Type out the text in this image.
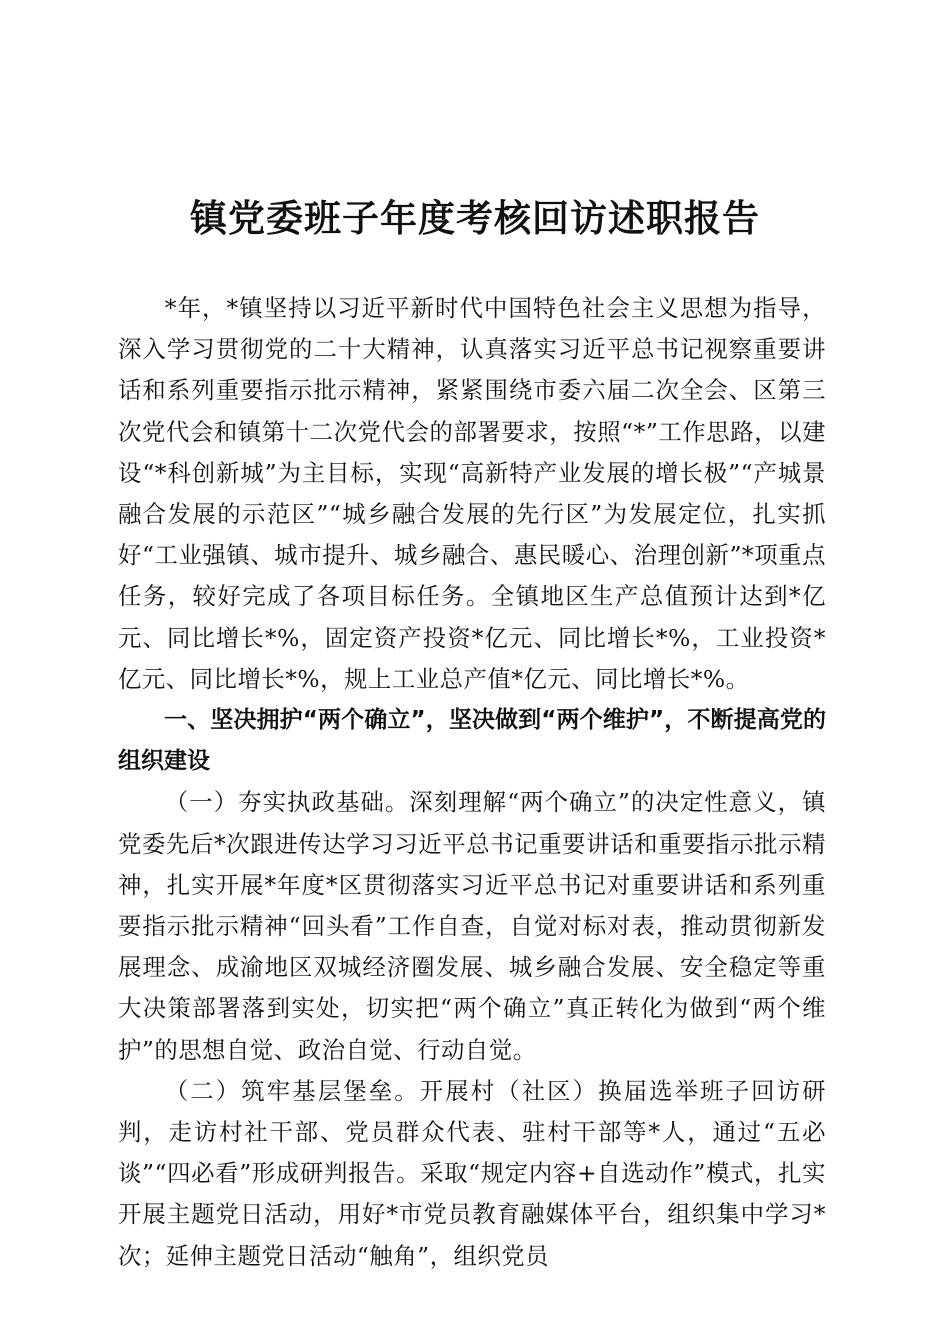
镇党委班子年度考核回访述职报告

*年，*镇坚持以习近平新时代中国特色社会主义思想为指导，深入学习贯彻党的二十大精神，认真落实习近平总书记视察重要讲话和系列重要指示批示精神，紧紧围绕市委六届二次全会、区第三次党代会和镇第十二次党代会的部署要求，按照“*”工作思路，以建设“*科创新城”为主目标，实现“高新特产业发展的增长极”“产城景融合发展的示范区”“城乡融合发展的先行区”为发展定位，扎实抓好“工业强镇、城市提升、城乡融合、惠民暖心、治理创新”*项重点任务，较好完成了各项目标任务。全镇地区生产总值预计达到*亿元、同比增长*%，固定资产投资*亿元、同比增长*%，工业投资*亿元、同比增长*%，规上工业总产值*亿元、同比增长*%。

一、坚决拥护“两个确立”，坚决做到“两个维护”，不断提高党的组织建设

（一）夯实执政基础。深刻理解“两个确立”的决定性意义，镇党委先后*次跟进传达学习习近平总书记重要讲话和重要指示批示精神，扎实开展*年度*区贯彻落实习近平总书记对重要讲话和系列重要指示批示精神“回头看”工作自查，自觉对标对表，推动贯彻新发展理念、成渝地区双城经济圈发展、城乡融合发展、安全稳定等重大决策部署落到实处，切实把“两个确立”真正转化为做到“两个维护”的思想自觉、政治自觉、行动自觉。

（二）筑牢基层堡垒。开展村（社区）换届选举班子回访研判，走访村社干部、党员群众代表、驻村干部等*人，通过“五必谈”“四必看”形成研判报告。采取“规定内容+自选动作”模式，扎实开展主题党日活动，用好*市党员教育融媒体平台，组织集中学习*次；延伸主题党日活动“触角”，组织党员
